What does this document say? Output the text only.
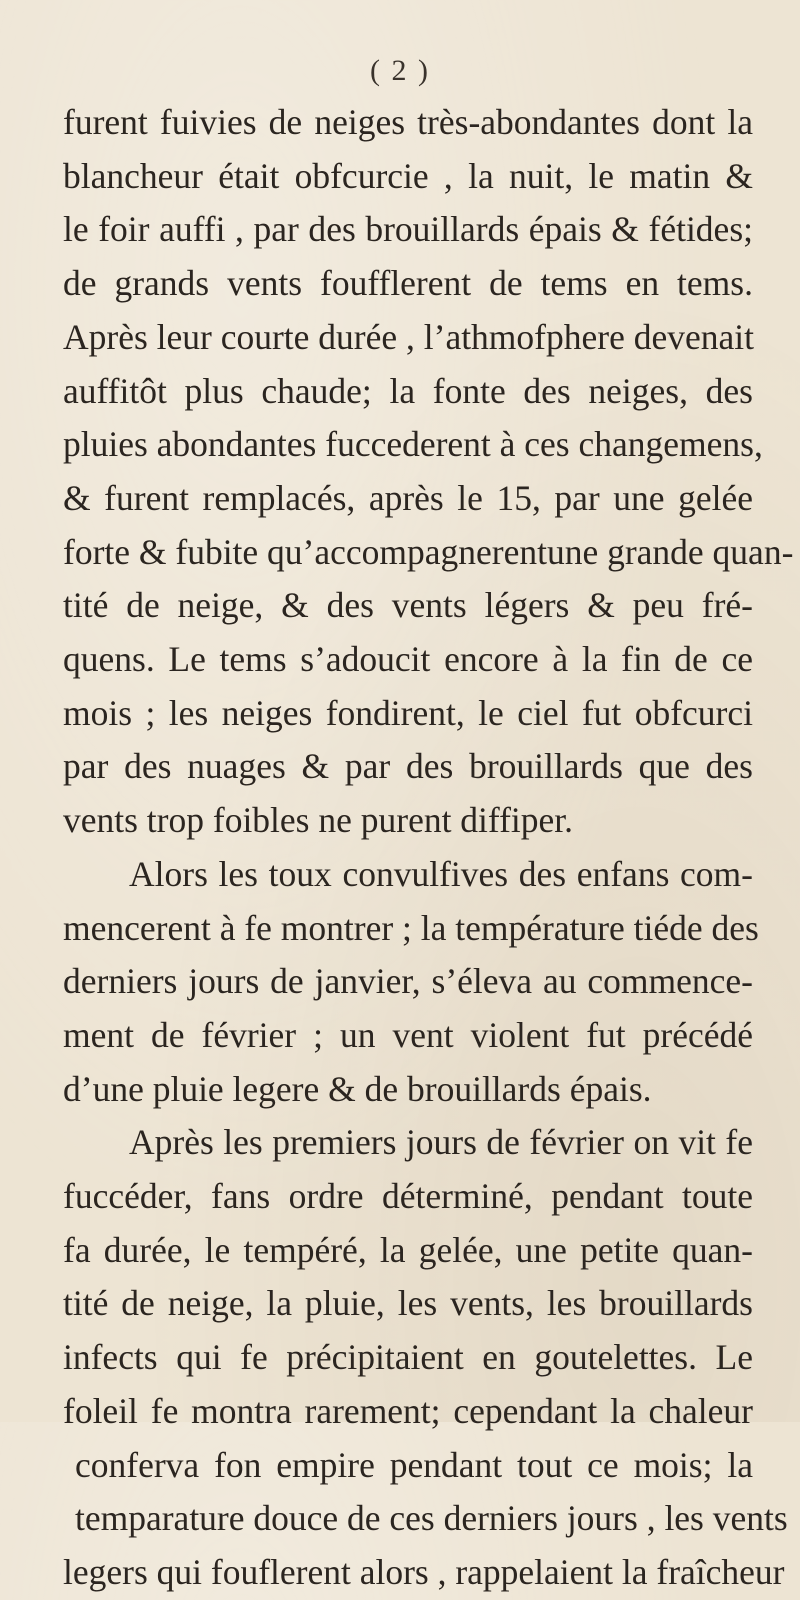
( 2 )
furent fuivies de neiges très-abondantes dont la
blancheur était obfcurcie , la nuit, le matin &
le foir auffi , par des brouillards épais & fétides;
de grands vents foufflerent de tems en tems.
Après leur courte durée , l’athmofphere devenait
auffitôt plus chaude; la fonte des neiges, des
pluies abondantes fuccederent à ces changemens,
& furent remplacés, après le 15, par une gelée
forte & fubite qu’accompagnerentune grande quan-
tité de neige, & des vents légers & peu fré-
quens. Le tems s’adoucit encore à la fin de ce
mois ; les neiges fondirent, le ciel fut obfcurci
par des nuages & par des brouillards que des
vents trop foibles ne purent diffiper.
Alors les toux convulfives des enfans com-
mencerent à fe montrer ; la température tiéde des
derniers jours de janvier, s’éleva au commence-
ment de février ; un vent violent fut précédé
d’une pluie legere & de brouillards épais.
Après les premiers jours de février on vit fe
fuccéder, fans ordre déterminé, pendant toute
fa durée, le tempéré, la gelée, une petite quan-
tité de neige, la pluie, les vents, les brouillards
infects qui fe précipitaient en goutelettes. Le
foleil fe montra rarement; cependant la chaleur
conferva fon empire pendant tout ce mois; la
temparature douce de ces derniers jours , les vents
legers qui fouflerent alors , rappelaient la fraîcheur
